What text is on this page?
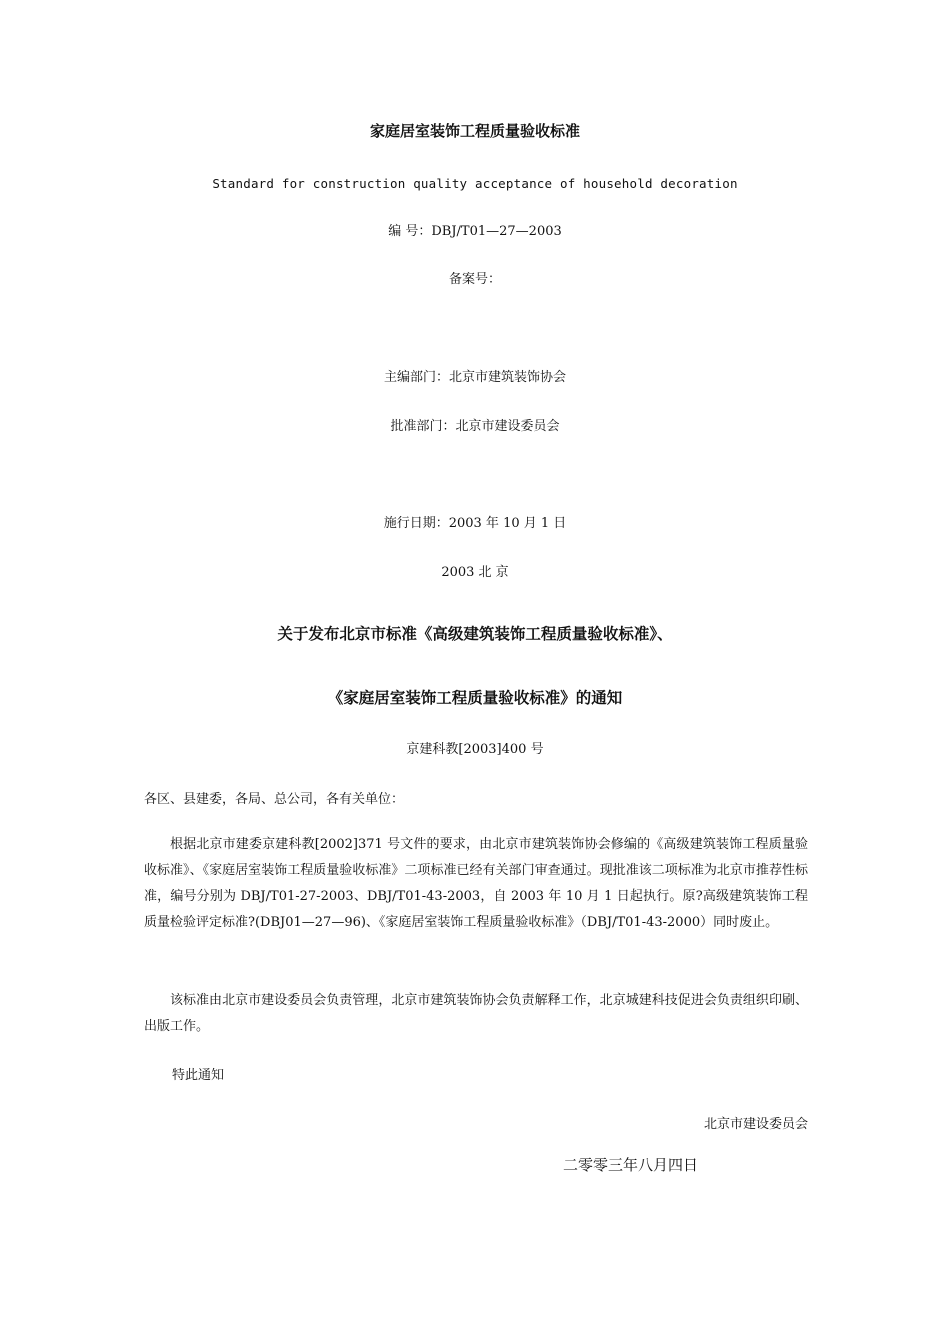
家庭居室装饰工程质量验收标准
Standard for construction quality acceptance of household decoration
编 号：DBJ/T01—27—2003
备案号：
主编部门：北京市建筑装饰协会
批准部门：北京市建设委员会
施行日期：2003 年 10 月 1 日
2003 北 京
关于发布北京市标准《高级建筑装饰工程质量验收标准》、
《家庭居室装饰工程质量验收标准》的通知
京建科教[2003]400 号
各区、县建委，各局、总公司，各有关单位：
根据北京市建委京建科教[2002]371 号文件的要求，由北京市建筑装饰协会修编的《高级建筑装饰工程质量验收标准》、《家庭居室装饰工程质量验收标准》二项标准已经有关部门审查通过。现批准该二项标准为北京市推荐性标准，编号分别为 DBJ/T01-27-2003、DBJ/T01-43-2003，自 2003 年 10 月 1 日起执行。原?高级建筑装饰工程质量检验评定标准?(DBJ01—27—96)、《家庭居室装饰工程质量验收标准》（DBJ/T01-43-2000）同时废止。
该标准由北京市建设委员会负责管理，北京市建筑装饰协会负责解释工作，北京城建科技促进会负责组织印刷、出版工作。
特此通知
北京市建设委员会
二零零三年八月四日
